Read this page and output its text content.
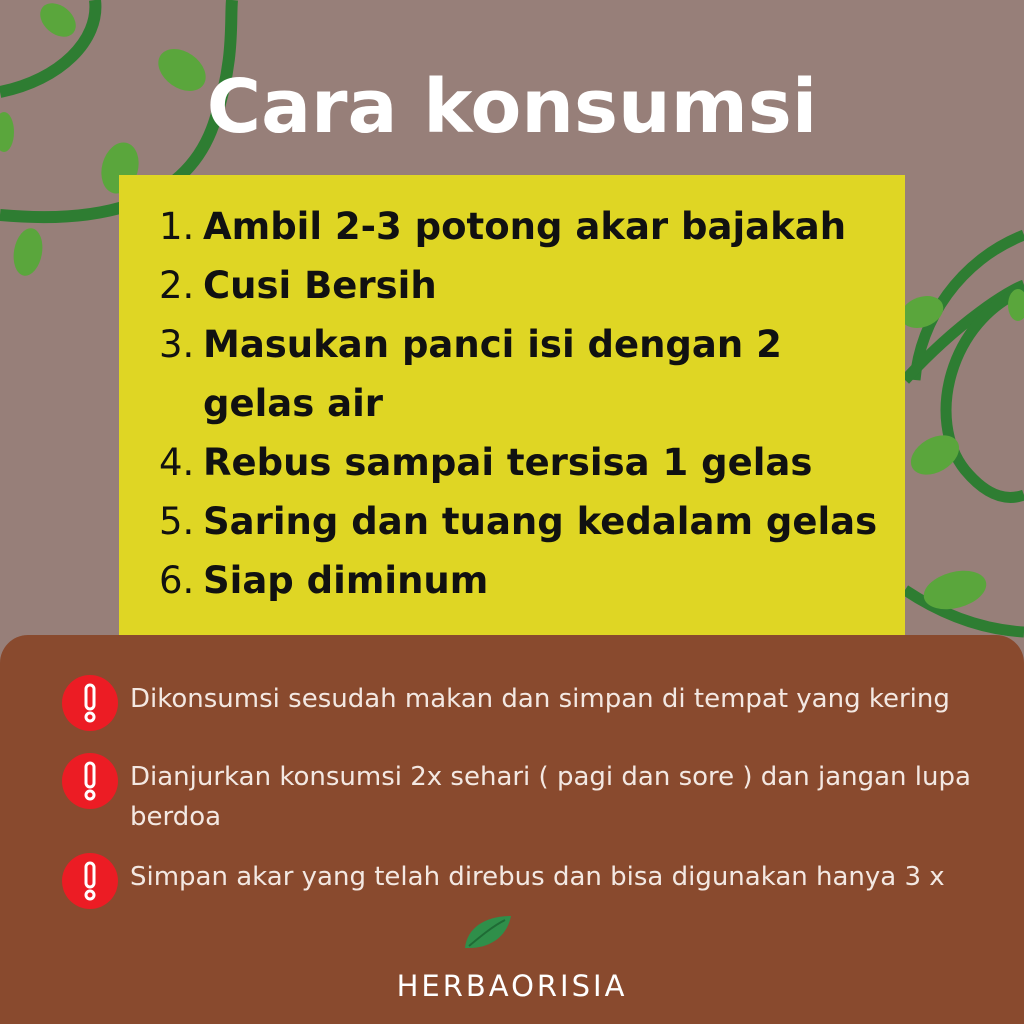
Cara konsumsi
1. Ambil 2-3 potong akar bajakah
2. Cusi Bersih
3. Masukan panci isi dengan 2 gelas air
4. Rebus sampai tersisa 1 gelas
5. Saring dan tuang kedalam gelas
6. Siap diminum
Dikonsumsi sesudah makan dan simpan di tempat yang kering
Dianjurkan konsumsi 2x sehari ( pagi dan sore ) dan jangan lupa berdoa
Simpan akar yang telah direbus dan bisa digunakan hanya 3 x
HERBAORISIA
